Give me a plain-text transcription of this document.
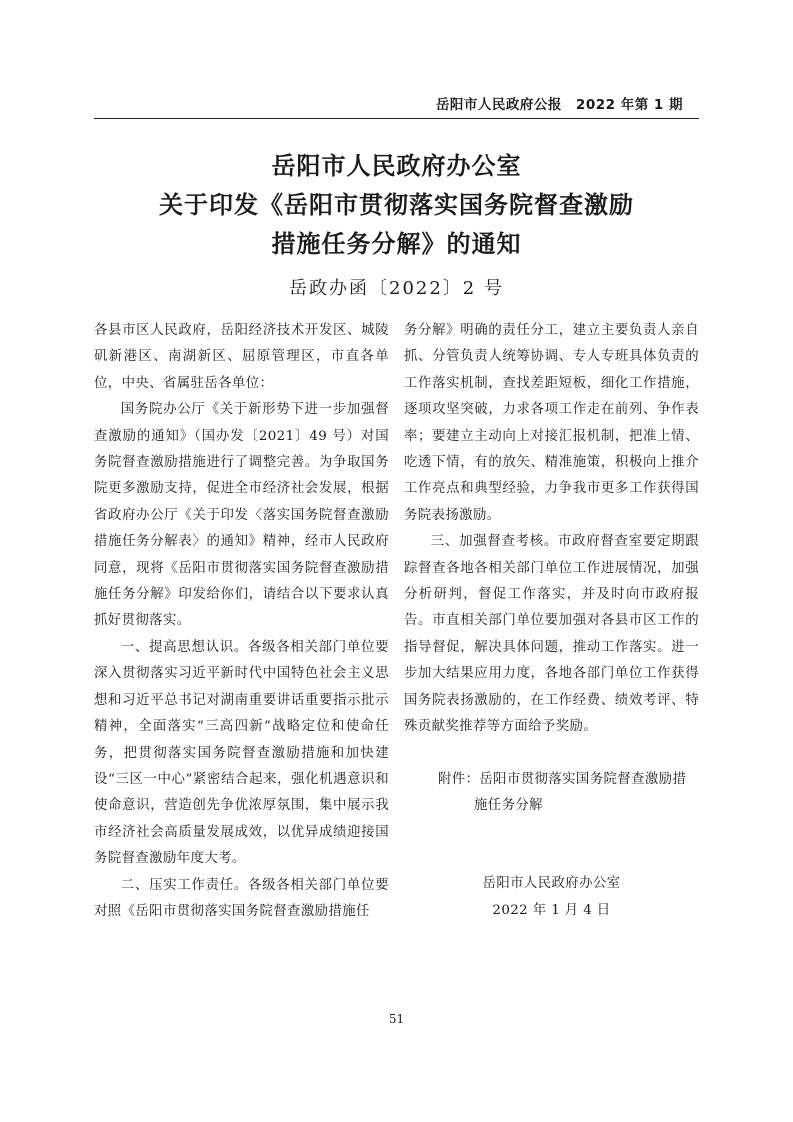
岳阳市人民政府公报　2022 年第 1 期
岳阳市人民政府办公室
关于印发《岳阳市贯彻落实国务院督查激励
措施任务分解》的通知
岳政办函〔2022〕2 号

各县市区人民政府，岳阳经济技术开发区、城陵矶新港区、南湖新区、屈原管理区，市直各单位，中央、省属驻岳各单位：

国务院办公厅《关于新形势下进一步加强督查激励的通知》（国办发〔2021〕49 号）对国务院督查激励措施进行了调整完善。为争取国务院更多激励支持，促进全市经济社会发展，根据省政府办公厅《关于印发〈落实国务院督查激励措施任务分解表〉的通知》精神，经市人民政府同意，现将《岳阳市贯彻落实国务院督查激励措施任务分解》印发给你们，请结合以下要求认真抓好贯彻落实。

一、提高思想认识。各级各相关部门单位要深入贯彻落实习近平新时代中国特色社会主义思想和习近平总书记对湖南重要讲话重要指示批示精神，全面落实“三高四新”战略定位和使命任务，把贯彻落实国务院督查激励措施和加快建设“三区一中心”紧密结合起来，强化机遇意识和使命意识，营造创先争优浓厚氛围，集中展示我市经济社会高质量发展成效，以优异成绩迎接国务院督查激励年度大考。

二、压实工作责任。各级各相关部门单位要对照《岳阳市贯彻落实国务院督查激励措施任

务分解》明确的责任分工，建立主要负责人亲自抓、分管负责人统筹协调、专人专班具体负责的工作落实机制，查找差距短板，细化工作措施，逐项攻坚突破，力求各项工作走在前列、争作表率；要建立主动向上对接汇报机制，把准上情、吃透下情，有的放矢、精准施策，积极向上推介工作亮点和典型经验，力争我市更多工作获得国务院表扬激励。

三、加强督查考核。市政府督查室要定期跟踪督查各地各相关部门单位工作进展情况，加强分析研判，督促工作落实，并及时向市政府报告。市直相关部门单位要加强对各县市区工作的指导督促，解决具体问题，推动工作落实。进一步加大结果应用力度，各地各部门单位工作获得国务院表扬激励的，在工作经费、绩效考评、特殊贡献奖推荐等方面给予奖励。

附件：岳阳市贯彻落实国务院督查激励措

施任务分解

岳阳市人民政府办公室

2022 年 1 月 4 日

51
